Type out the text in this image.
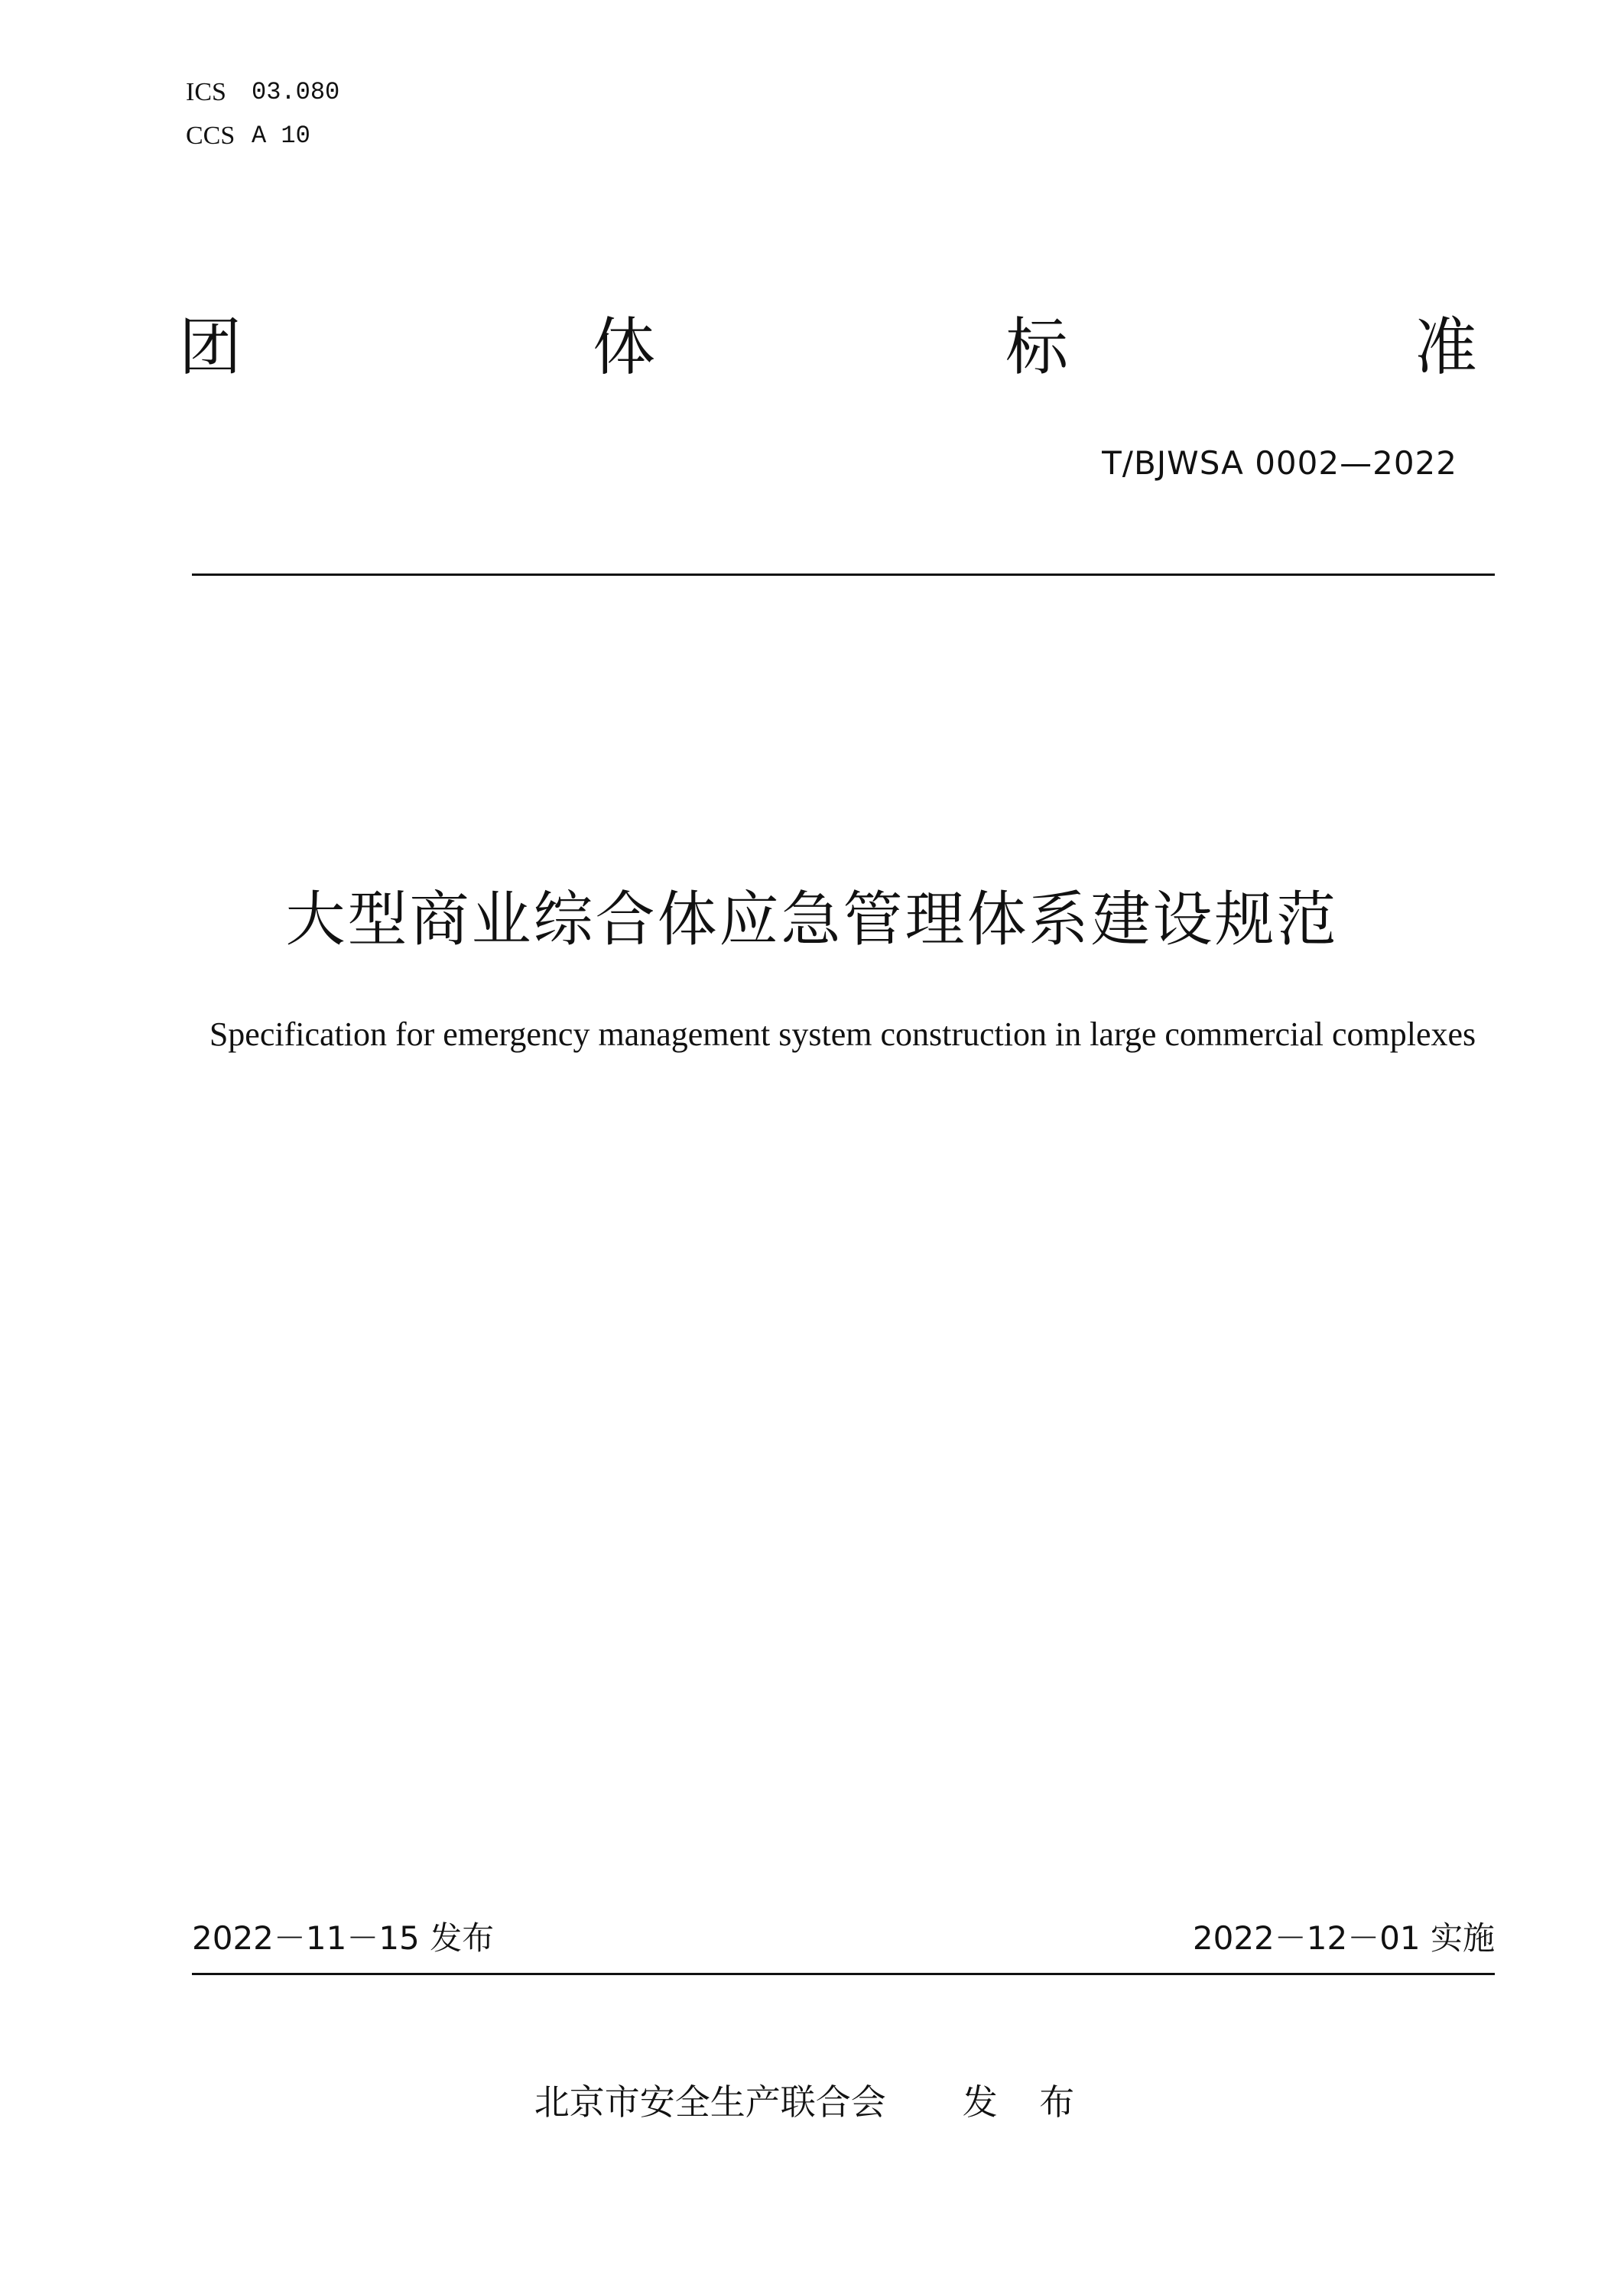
ICS	03.080
CCS A 10
团	体	标	准
T/BJWSA 0002—2022
大型商业综合体应急管理体系建设规范
Specification for emergency management system construction in large commercial complexes
2022－11－15 发布	2022－12－01 实施
北京市安全生产联合会 发 布
